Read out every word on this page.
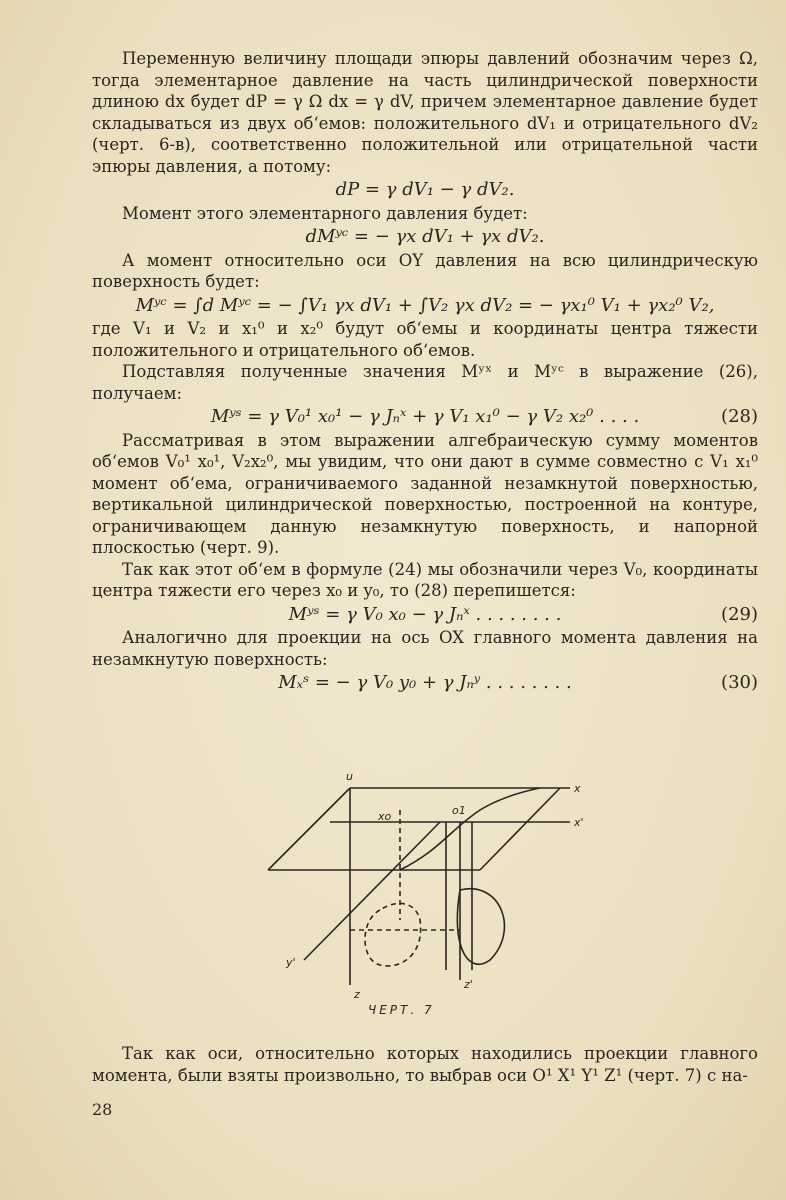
Переменную величину площади эпюры давлений обозначим через Ω, тогда элементарное давление на часть цилиндрической поверхности длиною dx будет dP = γ Ω dx = γ dV, причем элементарное давление будет складываться из двух об‘емов: положительного dV₁ и отрицательного dV₂ (черт. 6-в), соответственно положительной или отрицательной части эпюры давления, а потому:

dP = γ dV₁ − γ dV₂.

Момент этого элементарного давления будет:

dMʸᶜ = − γx dV₁ + γx dV₂.

А момент относительно оси OY давления на всю цилиндрическую поверхность будет:

Mʸᶜ = ∫d Mʸᶜ = − ∫V₁ γx dV₁ + ∫V₂ γx dV₂ = − γx₁⁰ V₁ + γx₂⁰ V₂,

где V₁ и V₂ и x₁⁰ и x₂⁰ будут об‘емы и координаты центра тяжести положительного и отрицательного об‘емов.

Подставляя полученные значения Mʸˣ и Mʸᶜ в выражение (26), получаем:

Mʸˢ = γ V₀¹ x₀¹ − γ Jₙˣ + γ V₁ x₁⁰ − γ V₂ x₂⁰ . . . .	(28)

Рассматривая в этом выражении алгебраическую сумму моментов об‘емов V₀¹ x₀¹, V₂x₂⁰, мы увидим, что они дают в сумме совместно с V₁ x₁⁰ момент об‘ема, ограничиваемого заданной незамкнутой поверхностью, вертикальной цилиндрической поверхностью, построенной на контуре, ограничивающем данную незамкнутую поверхность, и напорной плоскостью (черт. 9).

Так как этот об‘ем в формуле (24) мы обозначили через V₀, координаты центра тяжести его через x₀ и y₀, то (28) перепишется:

Mʸˢ = γ V₀ x₀ − γ Jₙˣ . . . . . . . .	(29)

Аналогично для проекции на ось OX главного момента давления на незамкнутую поверхность:

Mₓˢ = − γ V₀ y₀ + γ Jₙʸ . . . . . . . .	(30)
u
x
x'
xo	o1
y'
z
z'
ЧЕРТ. 7

Так как оси, относительно которых находились проекции главного момента, были взяты произвольно, то выбрав оси O¹ X¹ Y¹ Z¹ (черт. 7) с на-

28
